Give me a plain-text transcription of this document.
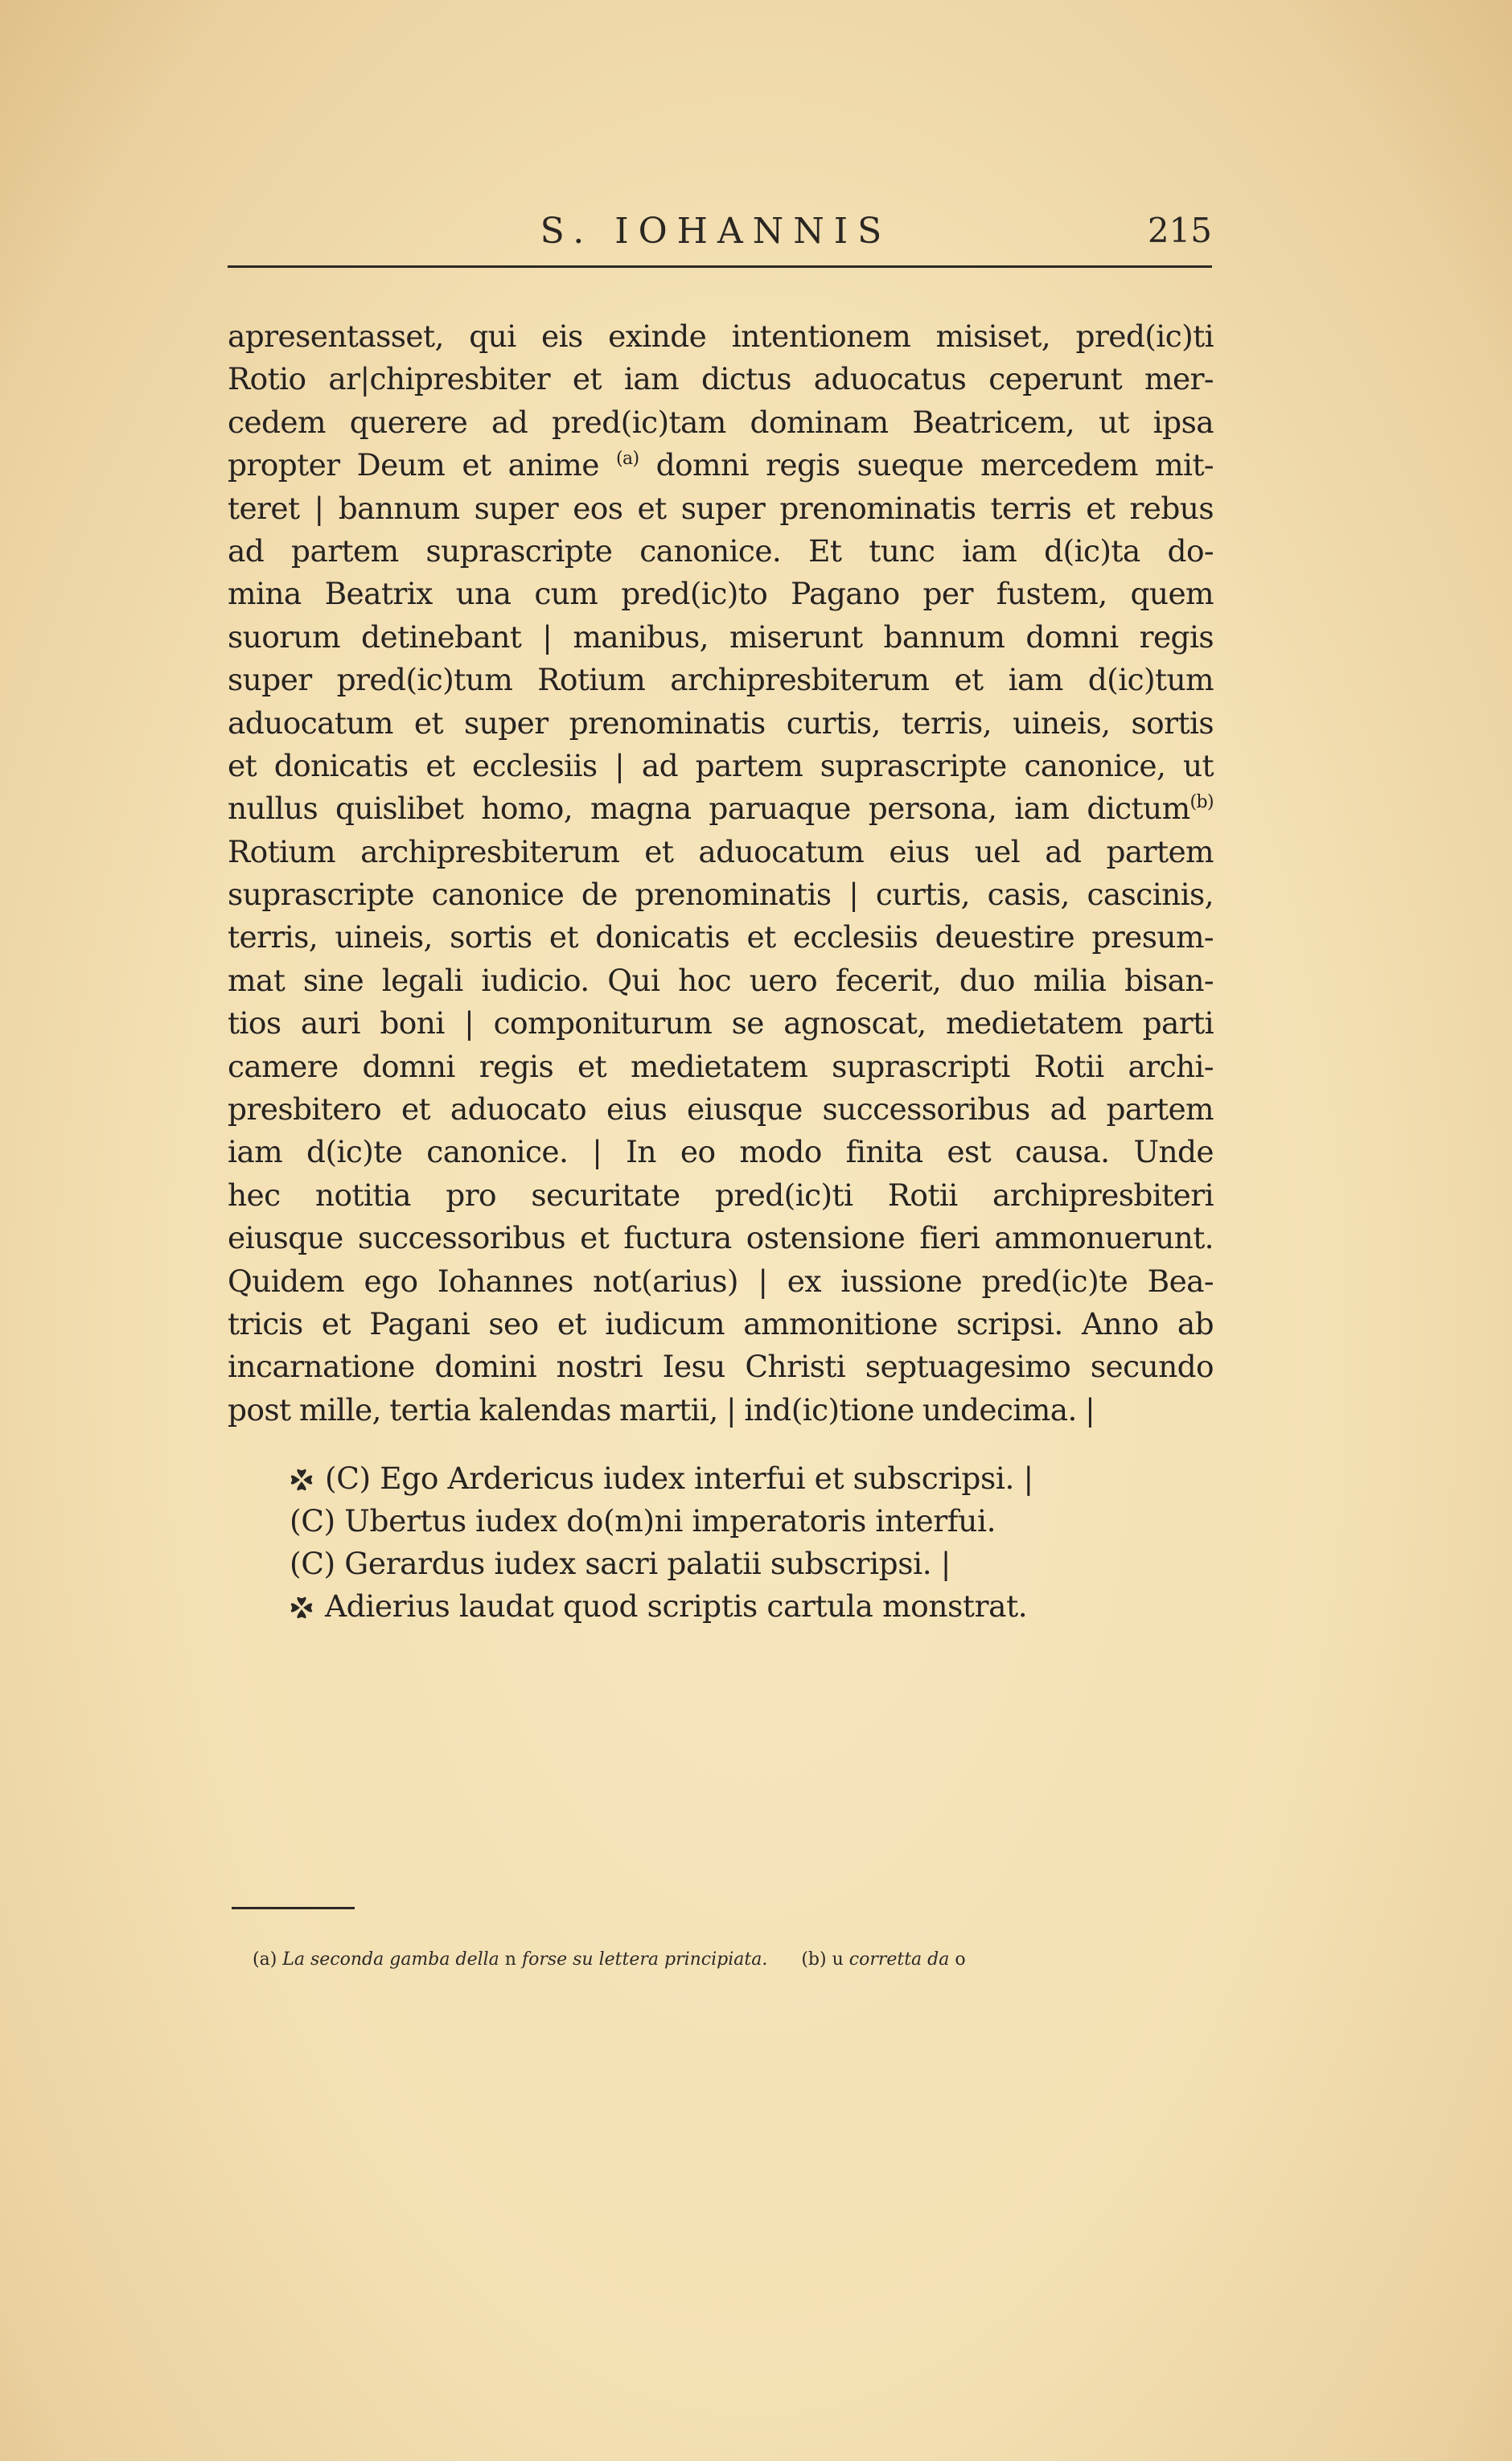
S. IOHANNIS	215
apresentasset, qui eis exinde intentionem misiset, pred(ic)ti
Rotio ar|chipresbiter et iam dictus aduocatus ceperunt mer-
cedem querere ad pred(ic)tam dominam Beatricem, ut ipsa
propter Deum et anime $^{(a)}$ domni regis sueque mercedem mit-
teret | bannum super eos et super prenominatis terris et rebus
ad partem suprascripte canonice. Et tunc iam d(ic)ta do-
mina Beatrix una cum pred(ic)to Pagano per fustem, quem
suorum detinebant | manibus, miserunt bannum domni regis
super pred(ic)tum Rotium archipresbiterum et iam d(ic)tum
aduocatum et super prenominatis curtis, terris, uineis, sortis
et donicatis et ecclesiis | ad partem suprascripte canonice, ut
nullus quislibet homo, magna paruaque persona, iam dictum$^{(b)}$
Rotium archipresbiterum et aduocatum eius uel ad partem
suprascripte canonice de prenominatis | curtis, casis, cascinis,
terris, uineis, sortis et donicatis et ecclesiis deuestire presum-
mat sine legali iudicio. Qui hoc uero fecerit, duo milia bisan-
tios auri boni | componiturum se agnoscat, medietatem parti
camere domni regis et medietatem suprascripti Rotii archi-
presbitero et aduocato eius eiusque successoribus ad partem
iam d(ic)te canonice. | In eo modo finita est causa. Unde
hec notitia pro securitate pred(ic)ti Rotii archipresbiteri
eiusque successoribus et fuctura ostensione fieri ammonuerunt.
Quidem ego Iohannes not(arius) | ex iussione pred(ic)te Bea-
tricis et Pagani seo et iudicum ammonitione scripsi. Anno ab
incarnatione domini nostri Iesu Christi septuagesimo secundo
post mille, tertia kalendas martii, | ind(ic)tione undecima. |
(C) Ego Ardericus iudex interfui et subscripsi. |
(C) Ubertus iudex do(m)ni imperatoris interfui.
(C) Gerardus iudex sacri palatii subscripsi. |
Adierius laudat quod scriptis cartula monstrat.
(a) La seconda gamba della n forse su lettera principiata. (b) u corretta da o
